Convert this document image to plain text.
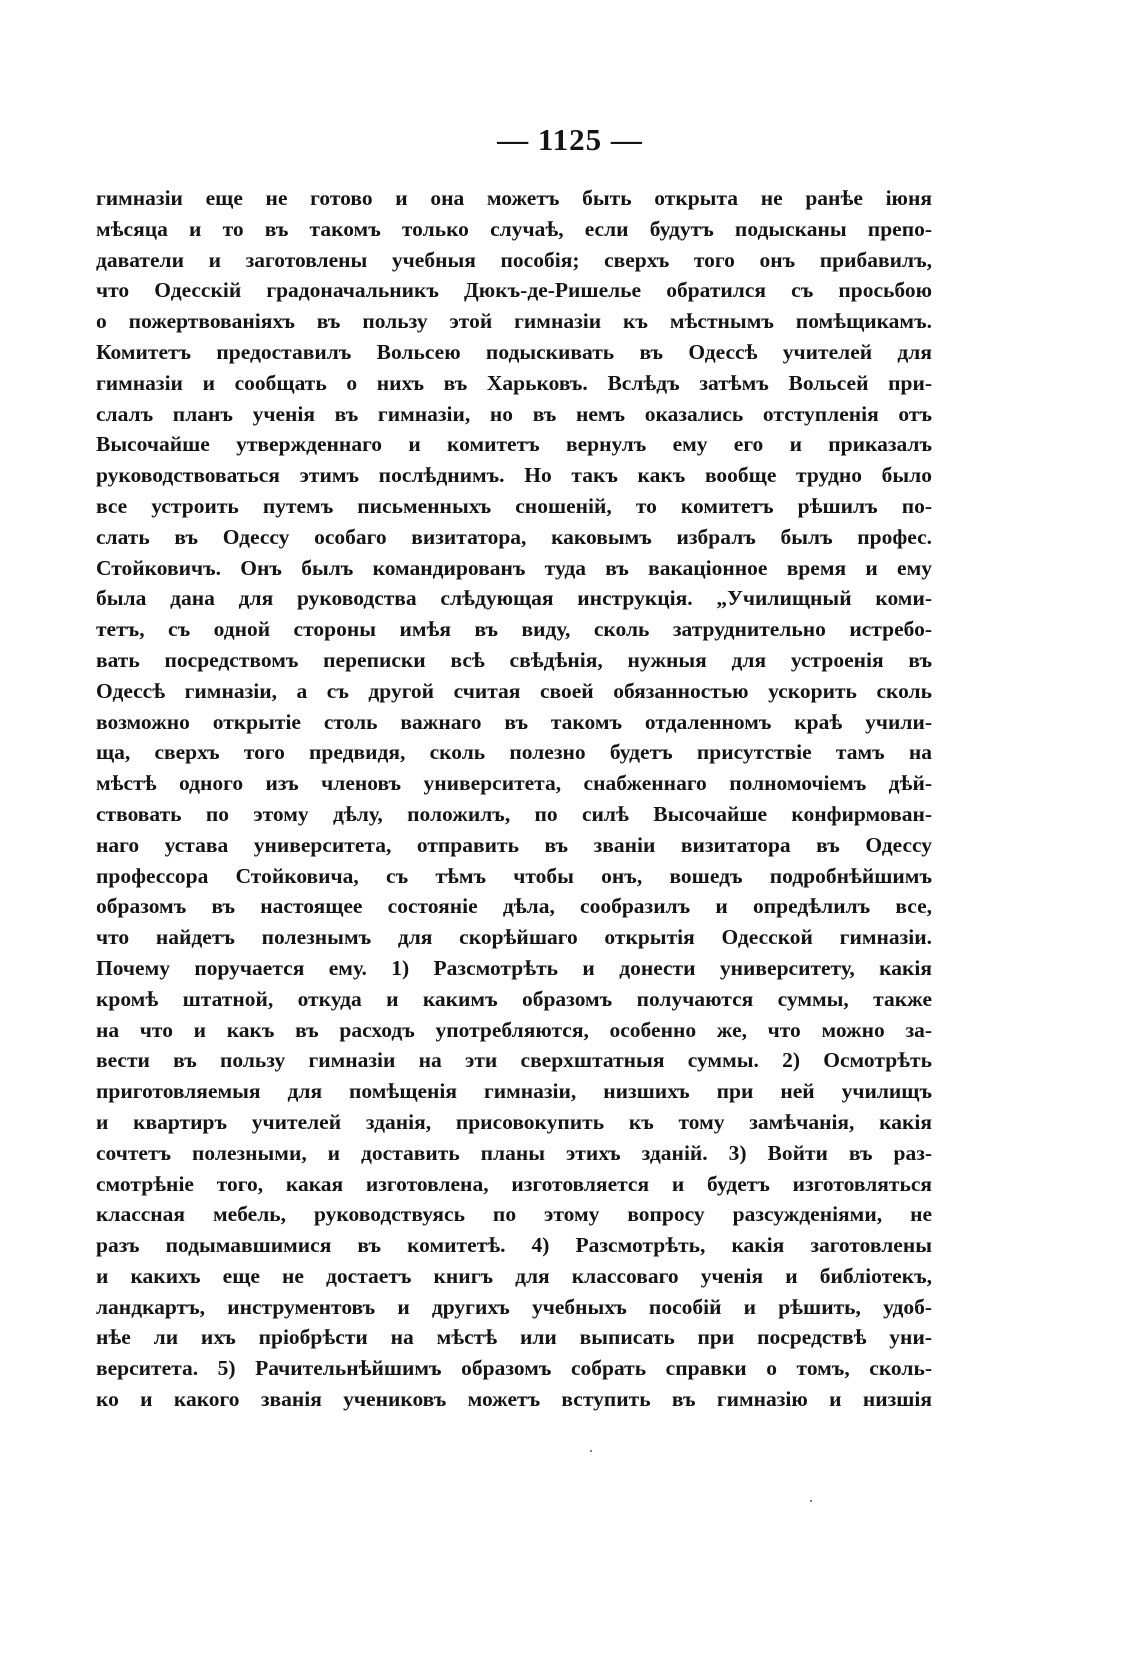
— 1125 —
гимназіи еще не готово и она можетъ быть открыта не ранѣе іюня
мѣсяца и то въ такомъ только случаѣ, если будутъ подысканы препо-
даватели и заготовлены учебныя пособія; сверхъ того онъ прибавилъ,
что Одесскій градоначальникъ Дюкъ-де-Ришелье обратился съ просьбою
о пожертвованіяхъ въ пользу этой гимназіи къ мѣстнымъ помѣщикамъ.
Комитетъ предоставилъ Вольсею подыскивать въ Одессѣ учителей для
гимназіи и сообщать о нихъ въ Харьковъ. Вслѣдъ затѣмъ Вольсей при-
слалъ планъ ученія въ гимназіи, но въ немъ оказались отступленія отъ
Высочайше утвержденнаго и комитетъ вернулъ ему его и приказалъ
руководствоваться этимъ послѣднимъ. Но такъ какъ вообще трудно было
все устроить путемъ письменныхъ сношеній, то комитетъ рѣшилъ по-
слать въ Одессу особаго визитатора, каковымъ избралъ былъ профес.
Стойковичъ. Онъ былъ командированъ туда въ вакаціонное время и ему
была дана для руководства слѣдующая инструкція. „Училищный коми-
тетъ, съ одной стороны имѣя въ виду, сколь затруднительно истребо-
вать посредствомъ переписки всѣ свѣдѣнія, нужныя для устроенія въ
Одессѣ гимназіи, а съ другой считая своей обязанностью ускорить сколь
возможно открытіе столь важнаго въ такомъ отдаленномъ краѣ учили-
ща, сверхъ того предвидя, сколь полезно будетъ присутствіе тамъ на
мѣстѣ одного изъ членовъ университета, снабженнаго полномочіемъ дѣй-
ствовать по этому дѣлу, положилъ, по силѣ Высочайше конфирмован-
наго устава университета, отправить въ званіи визитатора въ Одессу
профессора Стойковича, съ тѣмъ чтобы онъ, вошедъ подробнѣйшимъ
образомъ въ настоящее состояніе дѣла, сообразилъ и опредѣлилъ все,
что найдетъ полезнымъ для скорѣйшаго открытія Одесской гимназіи.
Почему поручается ему. 1) Разсмотрѣть и донести университету, какія
кромѣ штатной, откуда и какимъ образомъ получаются суммы, также
на что и какъ въ расходъ употребляются, особенно же, что можно за-
вести въ пользу гимназіи на эти сверхштатныя суммы. 2) Осмотрѣть
приготовляемыя для помѣщенія гимназіи, низшихъ при ней училищъ
и квартиръ учителей зданія, присовокупить къ тому замѣчанія, какія
сочтетъ полезными, и доставить планы этихъ зданій. 3) Войти въ раз-
смотрѣніе того, какая изготовлена, изготовляется и будетъ изготовляться
классная мебель, руководствуясь по этому вопросу разсужденіями, не
разъ подымавшимися въ комитетѣ. 4) Разсмотрѣть, какія заготовлены
и какихъ еще не достаетъ книгъ для классоваго ученія и библіотекъ,
ландкартъ, инструментовъ и другихъ учебныхъ пособій и рѣшить, удоб-
нѣе ли ихъ пріобрѣсти на мѣстѣ или выписать при посредствѣ уни-
верситета. 5) Рачительнѣйшимъ образомъ собрать справки о томъ, сколь-
ко и какого званія учениковъ можетъ вступить въ гимназію и низшія
